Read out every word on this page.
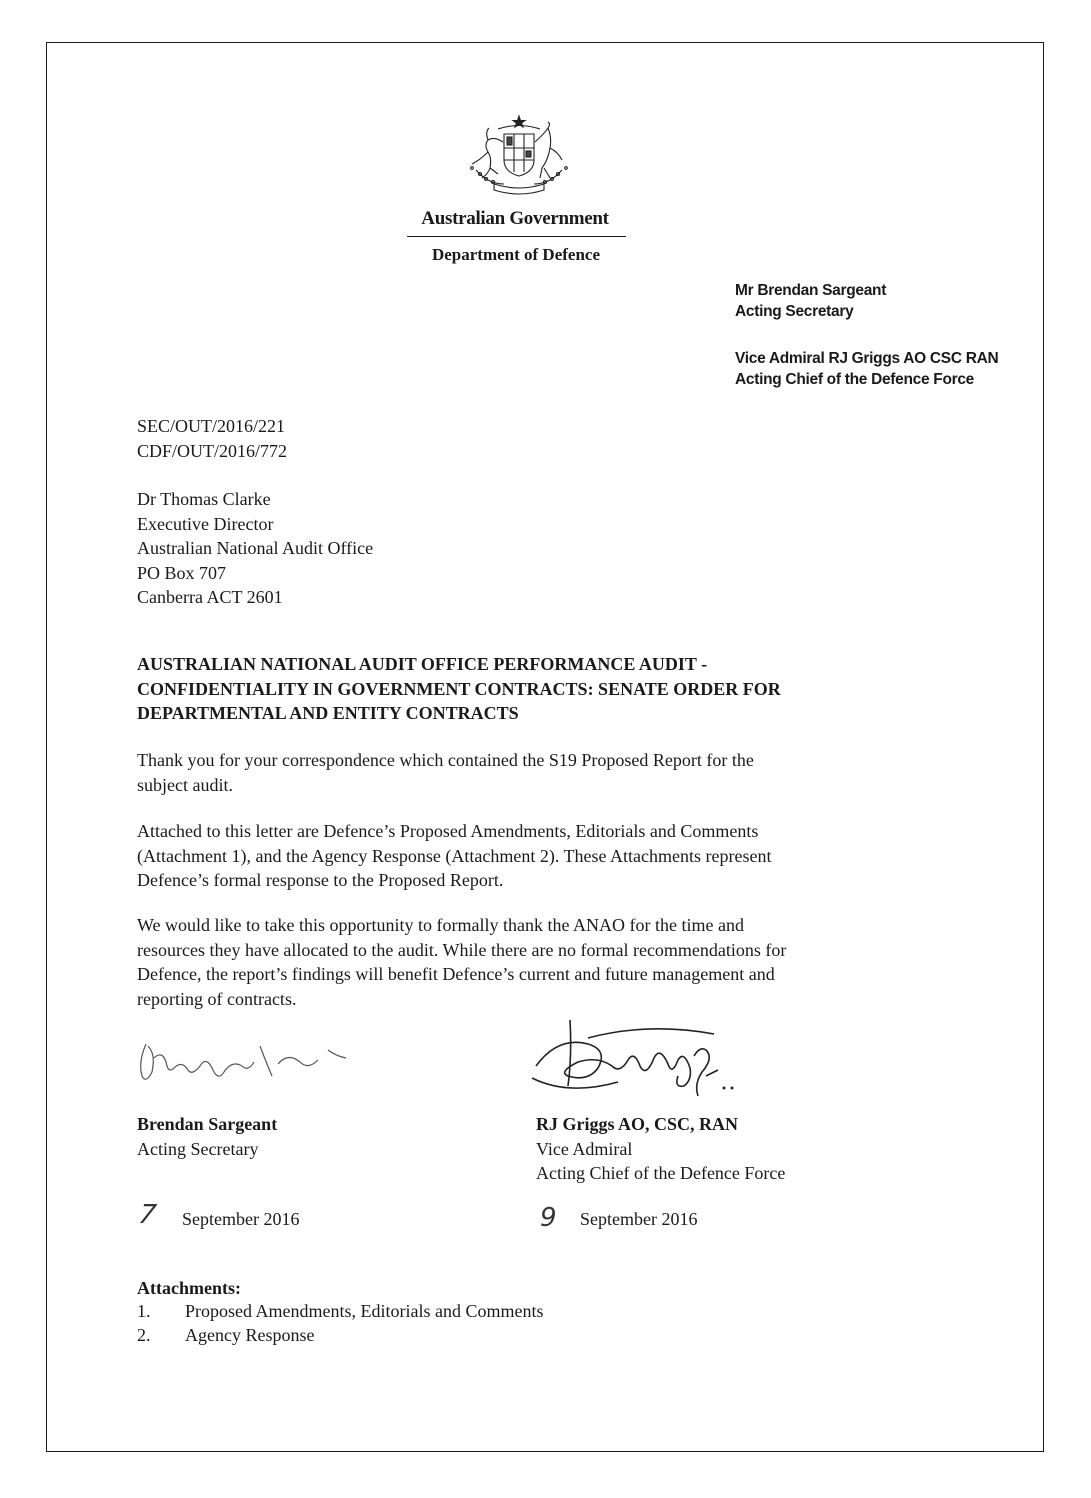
Australian Government
Department of Defence
Mr Brendan Sargeant
Acting Secretary
Vice Admiral RJ Griggs AO CSC RAN
Acting Chief of the Defence Force
SEC/OUT/2016/221
CDF/OUT/2016/772
Dr Thomas Clarke
Executive Director
Australian National Audit Office
PO Box 707
Canberra ACT 2601
AUSTRALIAN NATIONAL AUDIT OFFICE PERFORMANCE AUDIT -
CONFIDENTIALITY IN GOVERNMENT CONTRACTS: SENATE ORDER FOR
DEPARTMENTAL AND ENTITY CONTRACTS
Thank you for your correspondence which contained the S19 Proposed Report for the
subject audit.
Attached to this letter are Defence’s Proposed Amendments, Editorials and Comments
(Attachment 1), and the Agency Response (Attachment 2). These Attachments represent
Defence’s formal response to the Proposed Report.
We would like to take this opportunity to formally thank the ANAO for the time and
resources they have allocated to the audit. While there are no formal recommendations for
Defence, the report’s findings will benefit Defence’s current and future management and
reporting of contracts.
Brendan Sargeant
Acting Secretary
RJ Griggs AO, CSC, RAN
Vice Admiral
Acting Chief of the Defence Force
7 September 2016	9 September 2016
Attachments:
1. Proposed Amendments, Editorials and Comments
2. Agency Response
